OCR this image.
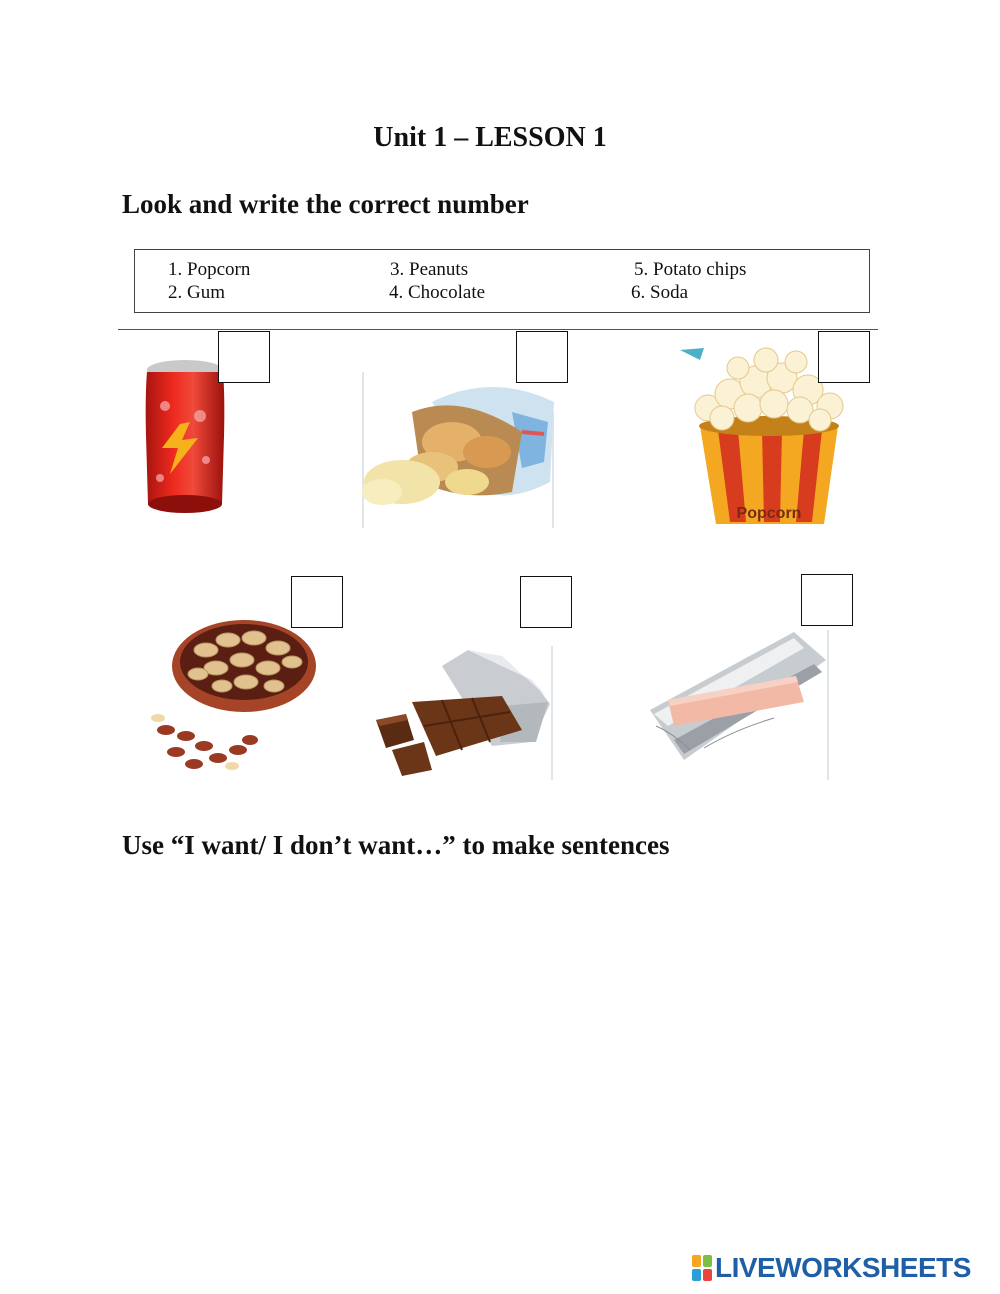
Unit 1 – LESSON 1
Look and write the correct number
1. Popcorn
2. Gum
3. Peanuts
4. Chocolate
5. Potato chips
6. Soda
Popcorn
Use “I want/ I don’t want…” to make sentences
LIVEWORKSHEETS
